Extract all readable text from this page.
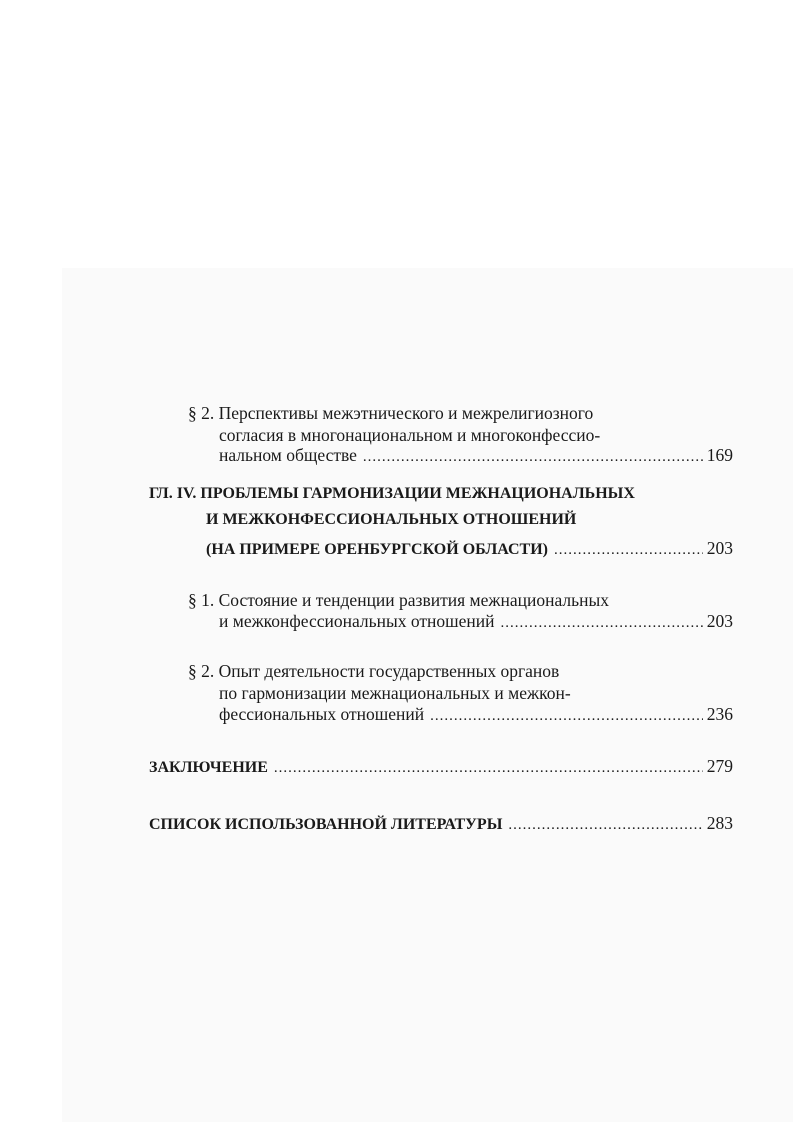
§ 2. Перспективы межэтнического и межрелигиозного
согласия в многонациональном и многоконфессио-
нальном обществе .....	169
ГЛ. IV. ПРОБЛЕМЫ ГАРМОНИЗАЦИИ МЕЖНАЦИОНАЛЬНЫХ
И МЕЖКОНФЕССИОНАЛЬНЫХ ОТНОШЕНИЙ
(НА ПРИМЕРЕ ОРЕНБУРГСКОЙ ОБЛАСТИ) .....	203
§ 1. Состояние и тенденции развития межнациональных
и межконфессиональных отношений .....	203
§ 2. Опыт деятельности государственных органов
по гармонизации межнациональных и межкон-
фессиональных отношений .....	236
ЗАКЛЮЧЕНИЕ .....	279
СПИСОК ИСПОЛЬЗОВАННОЙ ЛИТЕРАТУРЫ .....	283
